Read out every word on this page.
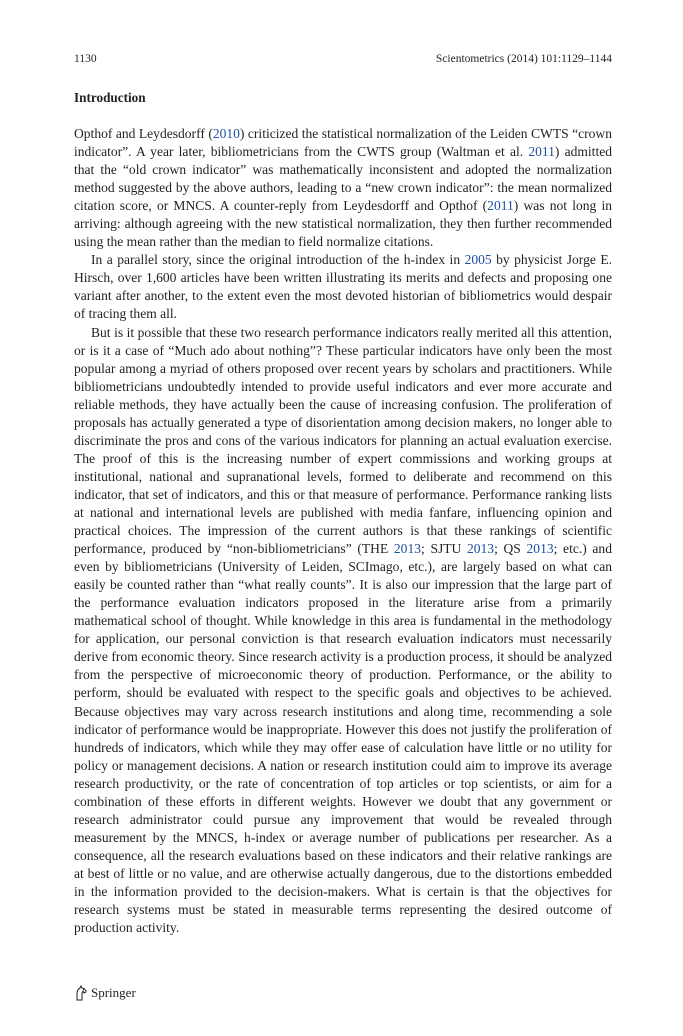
1130	Scientometrics (2014) 101:1129–1144
Introduction

Opthof and Leydesdorff (2010) criticized the statistical normalization of the Leiden CWTS “crown indicator”. A year later, bibliometricians from the CWTS group (Waltman et al. 2011) admitted that the “old crown indicator” was mathematically inconsistent and adopted the normalization method suggested by the above authors, leading to a “new crown indicator”: the mean normalized citation score, or MNCS. A counter-reply from Leydesdorff and Opthof (2011) was not long in arriving: although agreeing with the new statistical normalization, they then further recommended using the mean rather than the median to field normalize citations.

In a parallel story, since the original introduction of the h-index in 2005 by physicist Jorge E. Hirsch, over 1,600 articles have been written illustrating its merits and defects and proposing one variant after another, to the extent even the most devoted historian of bibliometrics would despair of tracing them all.

But is it possible that these two research performance indicators really merited all this attention, or is it a case of “Much ado about nothing”? These particular indicators have only been the most popular among a myriad of others proposed over recent years by scholars and practitioners. While bibliometricians undoubtedly intended to provide useful indicators and ever more accurate and reliable methods, they have actually been the cause of increasing confusion. The proliferation of proposals has actually generated a type of disorientation among decision makers, no longer able to discriminate the pros and cons of the various indicators for planning an actual evaluation exercise. The proof of this is the increasing number of expert commissions and working groups at institutional, national and supranational levels, formed to deliberate and recommend on this indicator, that set of indicators, and this or that measure of performance. Performance ranking lists at national and international levels are published with media fanfare, influencing opinion and practical choices. The impression of the current authors is that these rankings of scientific performance, produced by “non-bibliometricians” (THE 2013; SJTU 2013; QS 2013; etc.) and even by bibliometricians (University of Leiden, SCImago, etc.), are largely based on what can easily be counted rather than “what really counts”. It is also our impression that the large part of the performance evaluation indicators proposed in the literature arise from a primarily mathematical school of thought. While knowledge in this area is fundamental in the methodology for application, our personal conviction is that research evaluation indicators must necessarily derive from economic theory. Since research activity is a production process, it should be analyzed from the perspective of microeconomic theory of production. Performance, or the ability to perform, should be evaluated with respect to the specific goals and objectives to be achieved. Because objectives may vary across research institutions and along time, recommending a sole indicator of performance would be inappropriate. However this does not justify the proliferation of hundreds of indicators, which while they may offer ease of calculation have little or no utility for policy or management decisions. A nation or research institution could aim to improve its average research productivity, or the rate of concentration of top articles or top scientists, or aim for a combination of these efforts in different weights. However we doubt that any government or research administrator could pursue any improvement that would be revealed through measurement by the MNCS, h-index or average number of publications per researcher. As a consequence, all the research evaluations based on these indicators and their relative rankings are at best of little or no value, and are otherwise actually dangerous, due to the distortions embedded in the information provided to the decision-makers. What is certain is that the objectives for research systems must be stated in measurable terms representing the desired outcome of production activity.

Springer
